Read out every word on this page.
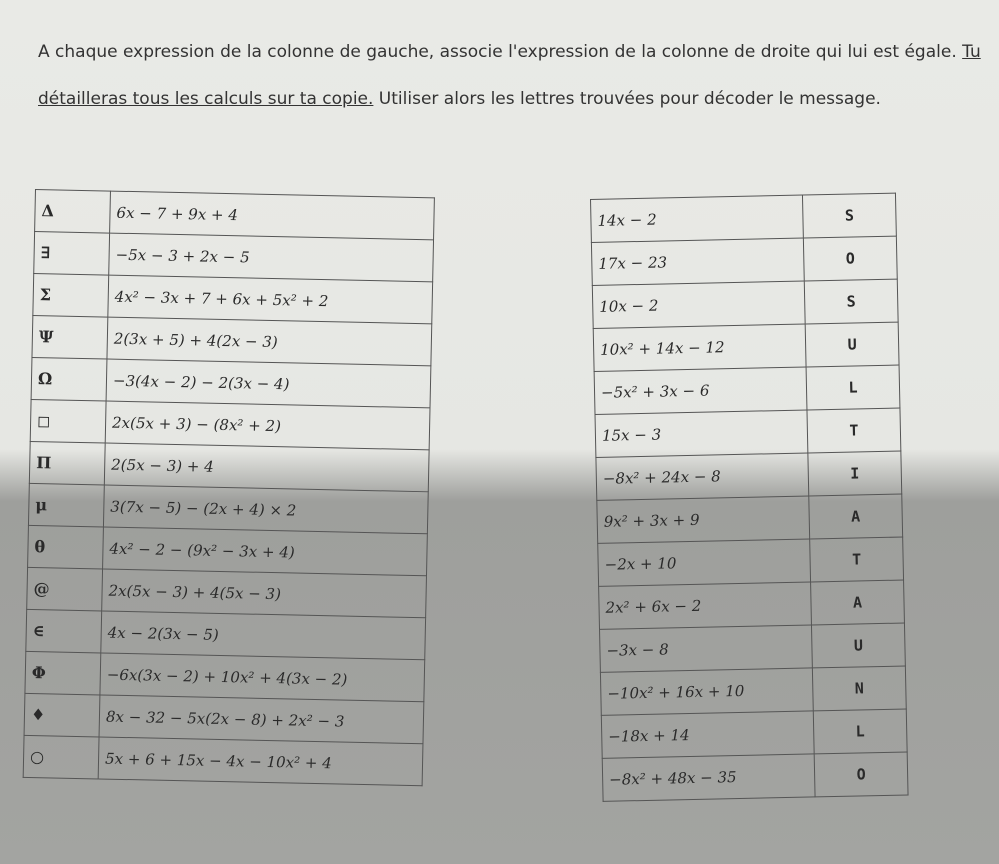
A chaque expression de la colonne de gauche, associe l'expression de la colonne de droite qui lui est égale. Tu détailleras tous les calculs sur ta copie. Utiliser alors les lettres trouvées pour décoder le message.

Δ	6x − 7 + 9x + 4
∃	−5x − 3 + 2x − 5
Σ	4x² − 3x + 7 + 6x + 5x² + 2
Ψ	2(3x + 5) + 4(2x − 3)
Ω	−3(4x − 2) − 2(3x − 4)
◻	2x(5x + 3) − (8x² + 2)
Π	2(5x − 3) + 4
μ	3(7x − 5) − (2x + 4) × 2
θ	4x² − 2 − (9x² − 3x + 4)
@	2x(5x − 3) + 4(5x − 3)
∈	4x − 2(3x − 5)
Φ	−6x(3x − 2) + 10x² + 4(3x − 2)
♦	8x − 32 − 5x(2x − 8) + 2x² − 3
○	5x + 6 + 15x − 4x − 10x² + 4
14x − 2	S
17x − 23	O
10x − 2	S
10x² + 14x − 12	U
−5x² + 3x − 6	L
15x − 3	T
−8x² + 24x − 8	I
9x² + 3x + 9	A
−2x + 10	T
2x² + 6x − 2	A
−3x − 8	U
−10x² + 16x + 10	N
−18x + 14	L
−8x² + 48x − 35	O
